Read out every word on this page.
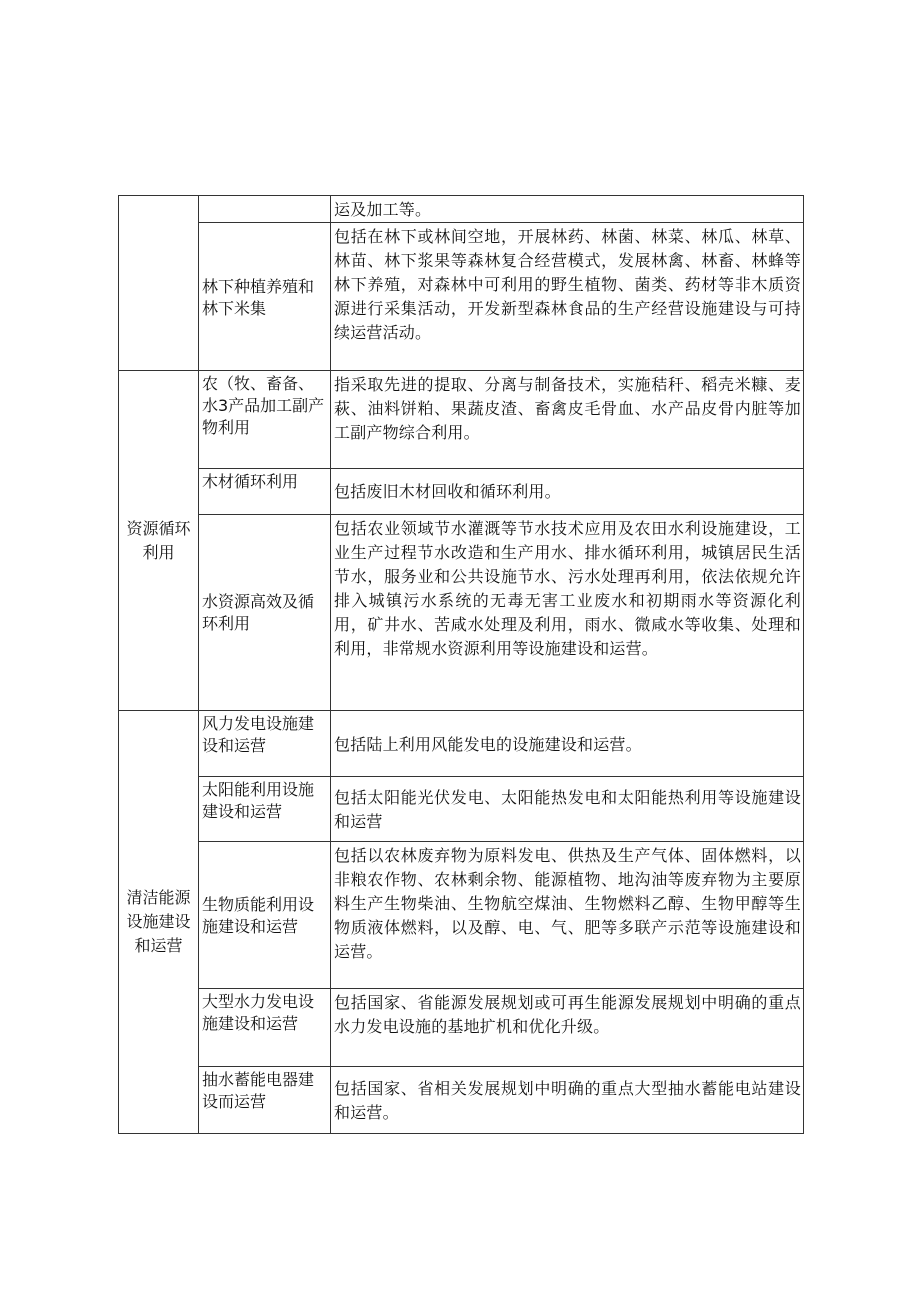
		运及加工等。
	林下种植养殖和林下米集	包括在林下或林间空地，开展林药、林菌、林菜、林瓜、林草、林苗、林下浆果等森林复合经营模式，发展林禽、林畜、林蜂等林下养殖，对森林中可利用的野生植物、菌类、药材等非木质资源进行采集活动，开发新型森林食品的生产经营设施建设与可持续运营活动。
资源循环利用	农（牧、畜备、水3产品加工副产物利用	指采取先进的提取、分离与制备技术，实施秸秆、稻壳米糠、麦萩、油料饼粕、果蔬皮渣、畜禽皮毛骨血、水产品皮骨内脏等加工副产物综合利用。
	木材循环利用	包括废旧木材回收和循环利用。
	水资源高效及循环利用	包括农业领域节水灌溉等节水技术应用及农田水利设施建设，工业生产过程节水改造和生产用水、排水循环利用，城镇居民生活节水，服务业和公共设施节水、污水处理再利用，依法依规允许排入城镇污水系统的无毒无害工业废水和初期雨水等资源化利用，矿井水、苦咸水处理及利用，雨水、微咸水等收集、处理和利用，非常规水资源利用等设施建设和运营。
清洁能源设施建设和运营	风力发电设施建设和运营	包括陆上利用风能发电的设施建设和运营。
	太阳能利用设施建设和运营	包括太阳能光伏发电、太阳能热发电和太阳能热利用等设施建设和运营
	生物质能利用设施建设和运营	包括以农林废弃物为原料发电、供热及生产气体、固体燃料，以非粮农作物、农林剩余物、能源植物、地沟油等废弃物为主要原料生产生物柴油、生物航空煤油、生物燃料乙醇、生物甲醇等生物质液体燃料，以及醇、电、气、肥等多联产示范等设施建设和运营。
	大型水力发电设施建设和运营	包括国家、省能源发展规划或可再生能源发展规划中明确的重点水力发电设施的基地扩机和优化升级。
	抽水蓄能电器建设而运营	包括国家、省相关发展规划中明确的重点大型抽水蓄能电站建设和运营。
